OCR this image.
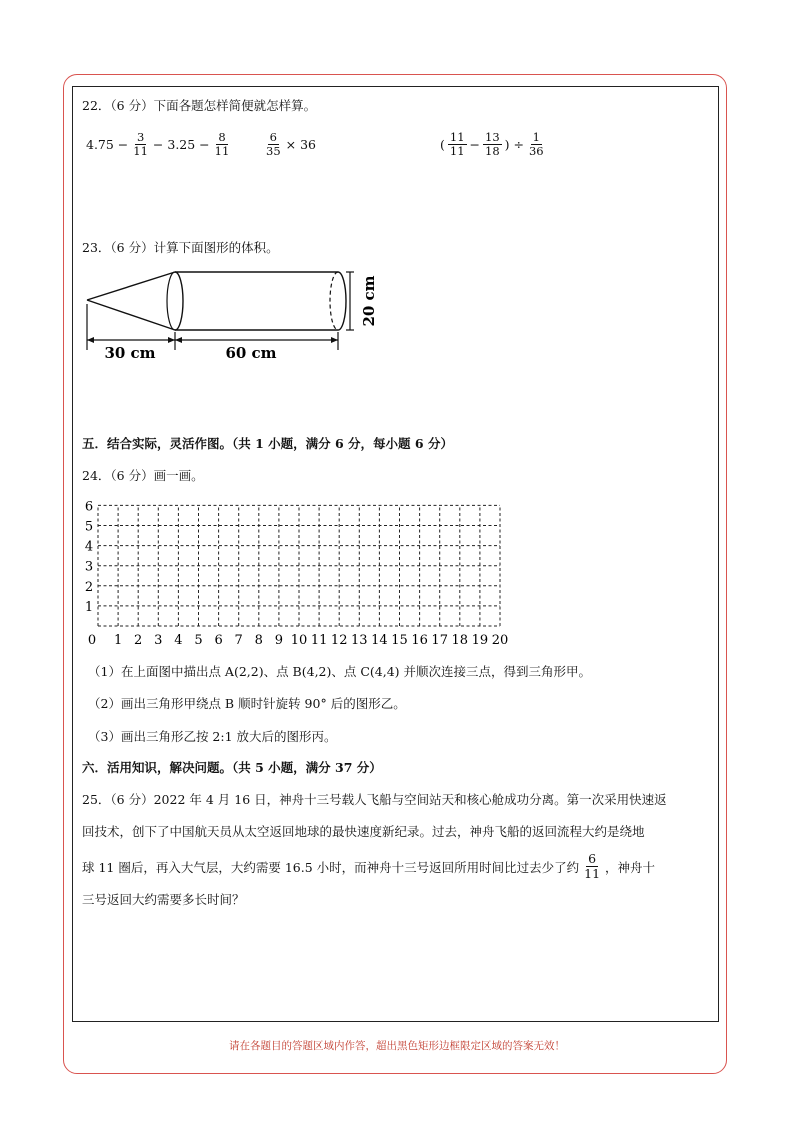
22．（6 分）下面各题怎样简便就怎样算。
$4.75 - \frac{3}{11} - 3.25 - \frac{8}{11}$	$\frac{6}{35} \times 36$	( $\frac{11}{11} - \frac{13}{18}$ ) ÷ $\frac{1}{36}$
23．（6 分）计算下面图形的体积。
20 cm
30 cm	60 cm
五．结合实际，灵活作图。（共 1 小题，满分 6 分，每小题 6 分）
24．（6 分）画一画。
0 1 2 3 4 5 6 7 8 9 10 11 12 13 14 15 16 17 18 19 20
1
2
3
4
5
6
（1）在上面图中描出点 A(2,2)、点 B(4,2)、点 C(4,4) 并顺次连接三点，得到三角形甲。
（2）画出三角形甲绕点 B 顺时针旋转 90° 后的图形乙。
（3）画出三角形乙按 2:1 放大后的图形丙。
六．活用知识，解决问题。（共 5 小题，满分 37 分）
25．（6 分）2022 年 4 月 16 日，神舟十三号载人飞船与空间站天和核心舱成功分离。第一次采用快速返
回技术，创下了中国航天员从太空返回地球的最快速度新纪录。过去，神舟飞船的返回流程大约是绕地
球 11 圈后，再入大气层，大约需要 16.5 小时，而神舟十三号返回所用时间比过去少了约 $\frac{6}{11}$ ，神舟十
三号返回大约需要多长时间？
请在各题目的答题区域内作答，超出黑色矩形边框限定区域的答案无效！
